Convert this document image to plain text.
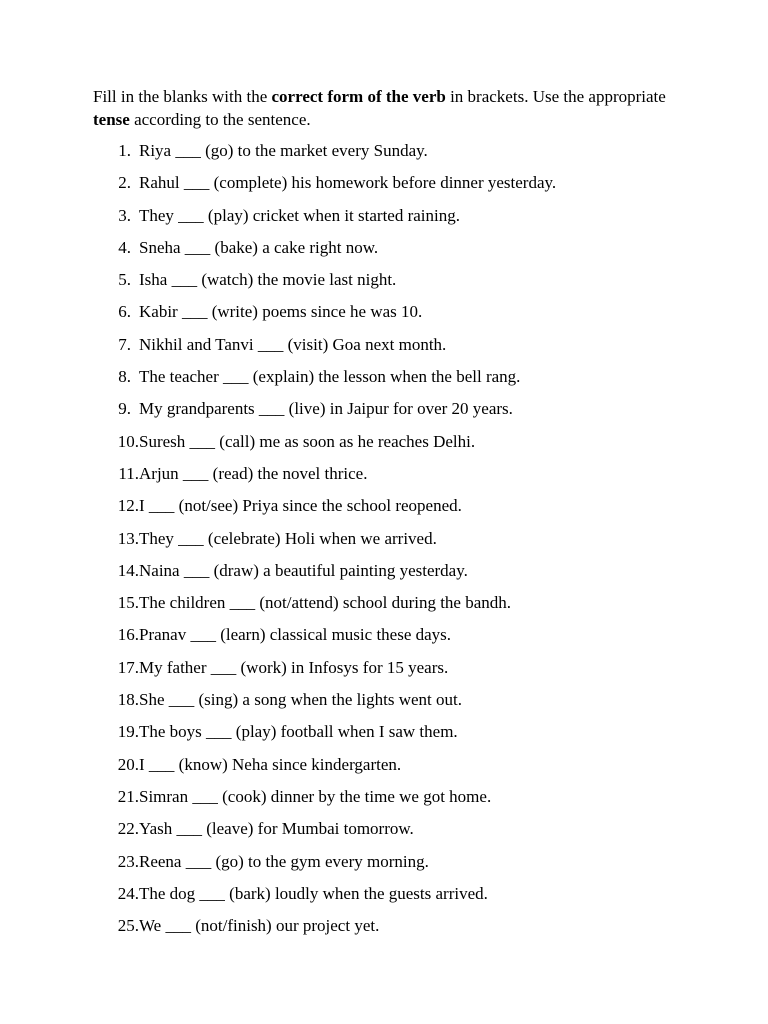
Fill in the blanks with the correct form of the verb in brackets. Use the appropriate tense according to the sentence.

1. Riya ___ (go) to the market every Sunday.
2. Rahul ___ (complete) his homework before dinner yesterday.
3. They ___ (play) cricket when it started raining.
4. Sneha ___ (bake) a cake right now.
5. Isha ___ (watch) the movie last night.
6. Kabir ___ (write) poems since he was 10.
7. Nikhil and Tanvi ___ (visit) Goa next month.
8. The teacher ___ (explain) the lesson when the bell rang.
9. My grandparents ___ (live) in Jaipur for over 20 years.
10. Suresh ___ (call) me as soon as he reaches Delhi.
11. Arjun ___ (read) the novel thrice.
12. I ___ (not/see) Priya since the school reopened.
13. They ___ (celebrate) Holi when we arrived.
14. Naina ___ (draw) a beautiful painting yesterday.
15. The children ___ (not/attend) school during the bandh.
16. Pranav ___ (learn) classical music these days.
17. My father ___ (work) in Infosys for 15 years.
18. She ___ (sing) a song when the lights went out.
19. The boys ___ (play) football when I saw them.
20. I ___ (know) Neha since kindergarten.
21. Simran ___ (cook) dinner by the time we got home.
22. Yash ___ (leave) for Mumbai tomorrow.
23. Reena ___ (go) to the gym every morning.
24. The dog ___ (bark) loudly when the guests arrived.
25. We ___ (not/finish) our project yet.
